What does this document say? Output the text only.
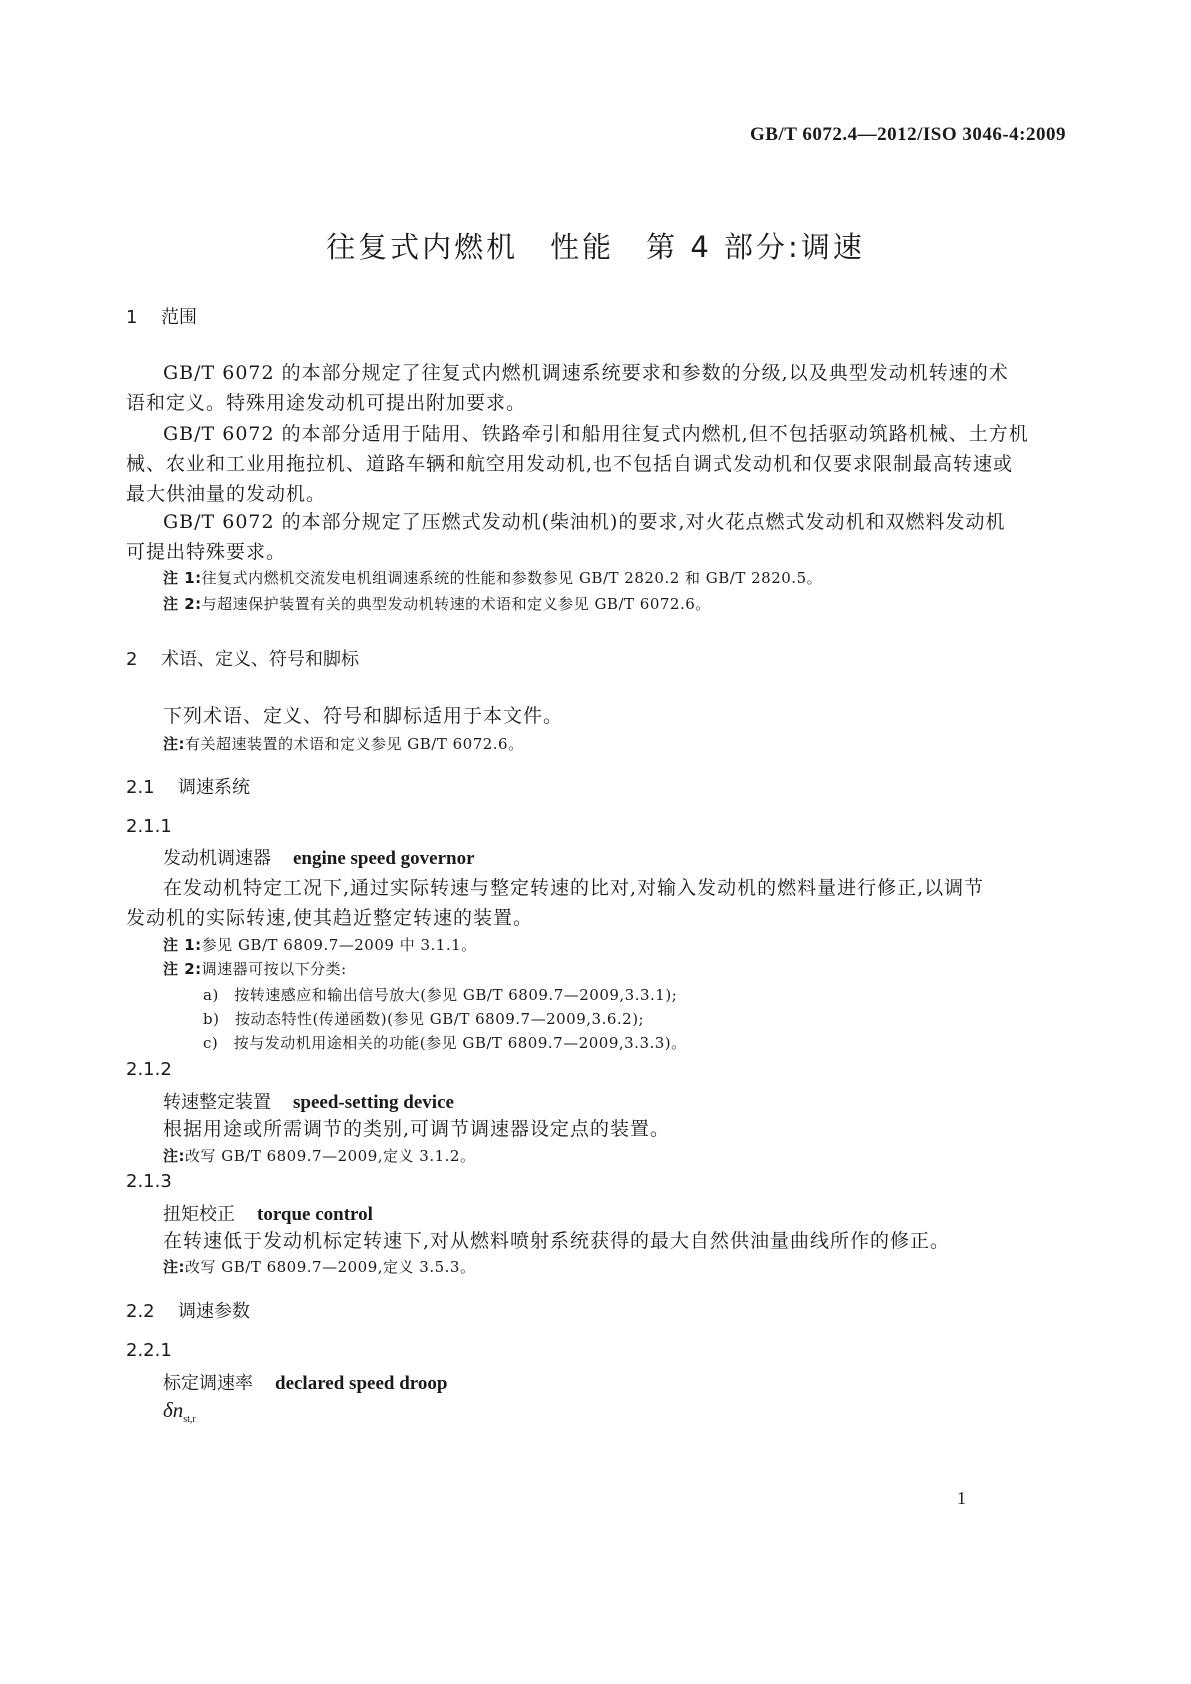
GB/T 6072.4—2012/ISO 3046-4:2009
往复式内燃机　性能　第 4 部分:调速
1 范围
GB/T 6072 的本部分规定了往复式内燃机调速系统要求和参数的分级,以及典型发动机转速的术
语和定义。特殊用途发动机可提出附加要求。
GB/T 6072 的本部分适用于陆用、铁路牵引和船用往复式内燃机,但不包括驱动筑路机械、土方机
械、农业和工业用拖拉机、道路车辆和航空用发动机,也不包括自调式发动机和仅要求限制最高转速或
最大供油量的发动机。
GB/T 6072 的本部分规定了压燃式发动机(柴油机)的要求,对火花点燃式发动机和双燃料发动机
可提出特殊要求。
注 1:往复式内燃机交流发电机组调速系统的性能和参数参见 GB/T 2820.2 和 GB/T 2820.5。
注 2:与超速保护装置有关的典型发动机转速的术语和定义参见 GB/T 6072.6。
2 术语、定义、符号和脚标
下列术语、定义、符号和脚标适用于本文件。
注:有关超速装置的术语和定义参见 GB/T 6072.6。
2.1 调速系统
2.1.1
发动机调速器 engine speed governor
在发动机特定工况下,通过实际转速与整定转速的比对,对输入发动机的燃料量进行修正,以调节
发动机的实际转速,使其趋近整定转速的装置。
注 1:参见 GB/T 6809.7—2009 中 3.1.1。
注 2:调速器可按以下分类:
a)　按转速感应和输出信号放大(参见 GB/T 6809.7—2009,3.3.1);
b)　按动态特性(传递函数)(参见 GB/T 6809.7—2009,3.6.2);
c)　按与发动机用途相关的功能(参见 GB/T 6809.7—2009,3.3.3)。
2.1.2
转速整定装置 speed-setting device
根据用途或所需调节的类别,可调节调速器设定点的装置。
注:改写 GB/T 6809.7—2009,定义 3.1.2。
2.1.3
扭矩校正 torque control
在转速低于发动机标定转速下,对从燃料喷射系统获得的最大自然供油量曲线所作的修正。
注:改写 GB/T 6809.7—2009,定义 3.5.3。
2.2 调速参数
2.2.1
标定调速率 declared speed droop
$\delta n_{st,r}$
1
